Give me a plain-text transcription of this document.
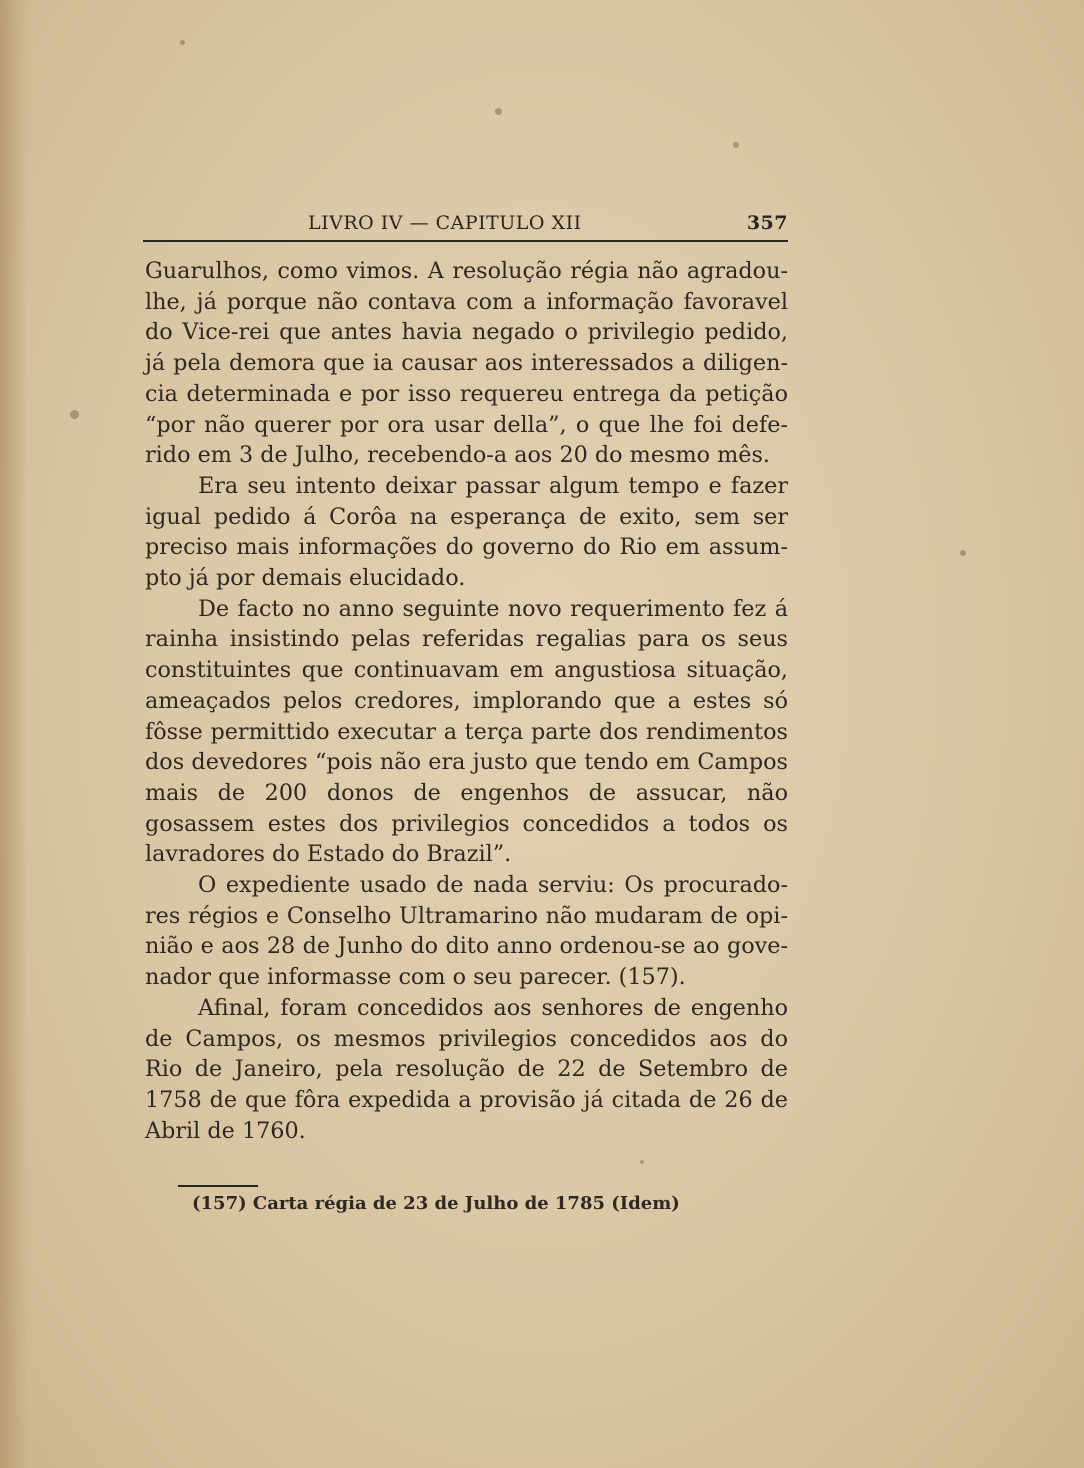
LIVRO IV — CAPITULO XII	357

Guarulhos, como vimos. A resolução régia não agradoulhe, já porque não contava com a informação favoravel do Vice-rei que antes havia negado o privilegio pedido, já pela demora que ia causar aos interessados a diligencia determinada e por isso requereu entrega da petição “por não querer por ora usar della”, o que lhe foi deferido em 3 de Julho, recebendo-a aos 20 do mesmo mês.

Era seu intento deixar passar algum tempo e fazer igual pedido á Corôa na esperança de exito, sem ser preciso mais informações do governo do Rio em assumpto já por demais elucidado.

De facto no anno seguinte novo requerimento fez á rainha insistindo pelas referidas regalias para os seus constituintes que continuavam em angustiosa situação, ameaçados pelos credores, implorando que a estes só fôsse permittido executar a terça parte dos rendimentos dos devedores “pois não era justo que tendo em Campos mais de 200 donos de engenhos de assucar, não gosassem estes dos privilegios concedidos a todos os lavradores do Estado do Brazil”.

O expediente usado de nada serviu: Os procuradores régios e Conselho Ultramarino não mudaram de opinião e aos 28 de Junho do dito anno ordenou-se ao govenador que informasse com o seu parecer. (157).

Afinal, foram concedidos aos senhores de engenho de Campos, os mesmos privilegios concedidos aos do Rio de Janeiro, pela resolução de 22 de Setembro de 1758 de que fôra expedida a provisão já citada de 26 de Abril de 1760.

(157) Carta régia de 23 de Julho de 1785 (Idem)
